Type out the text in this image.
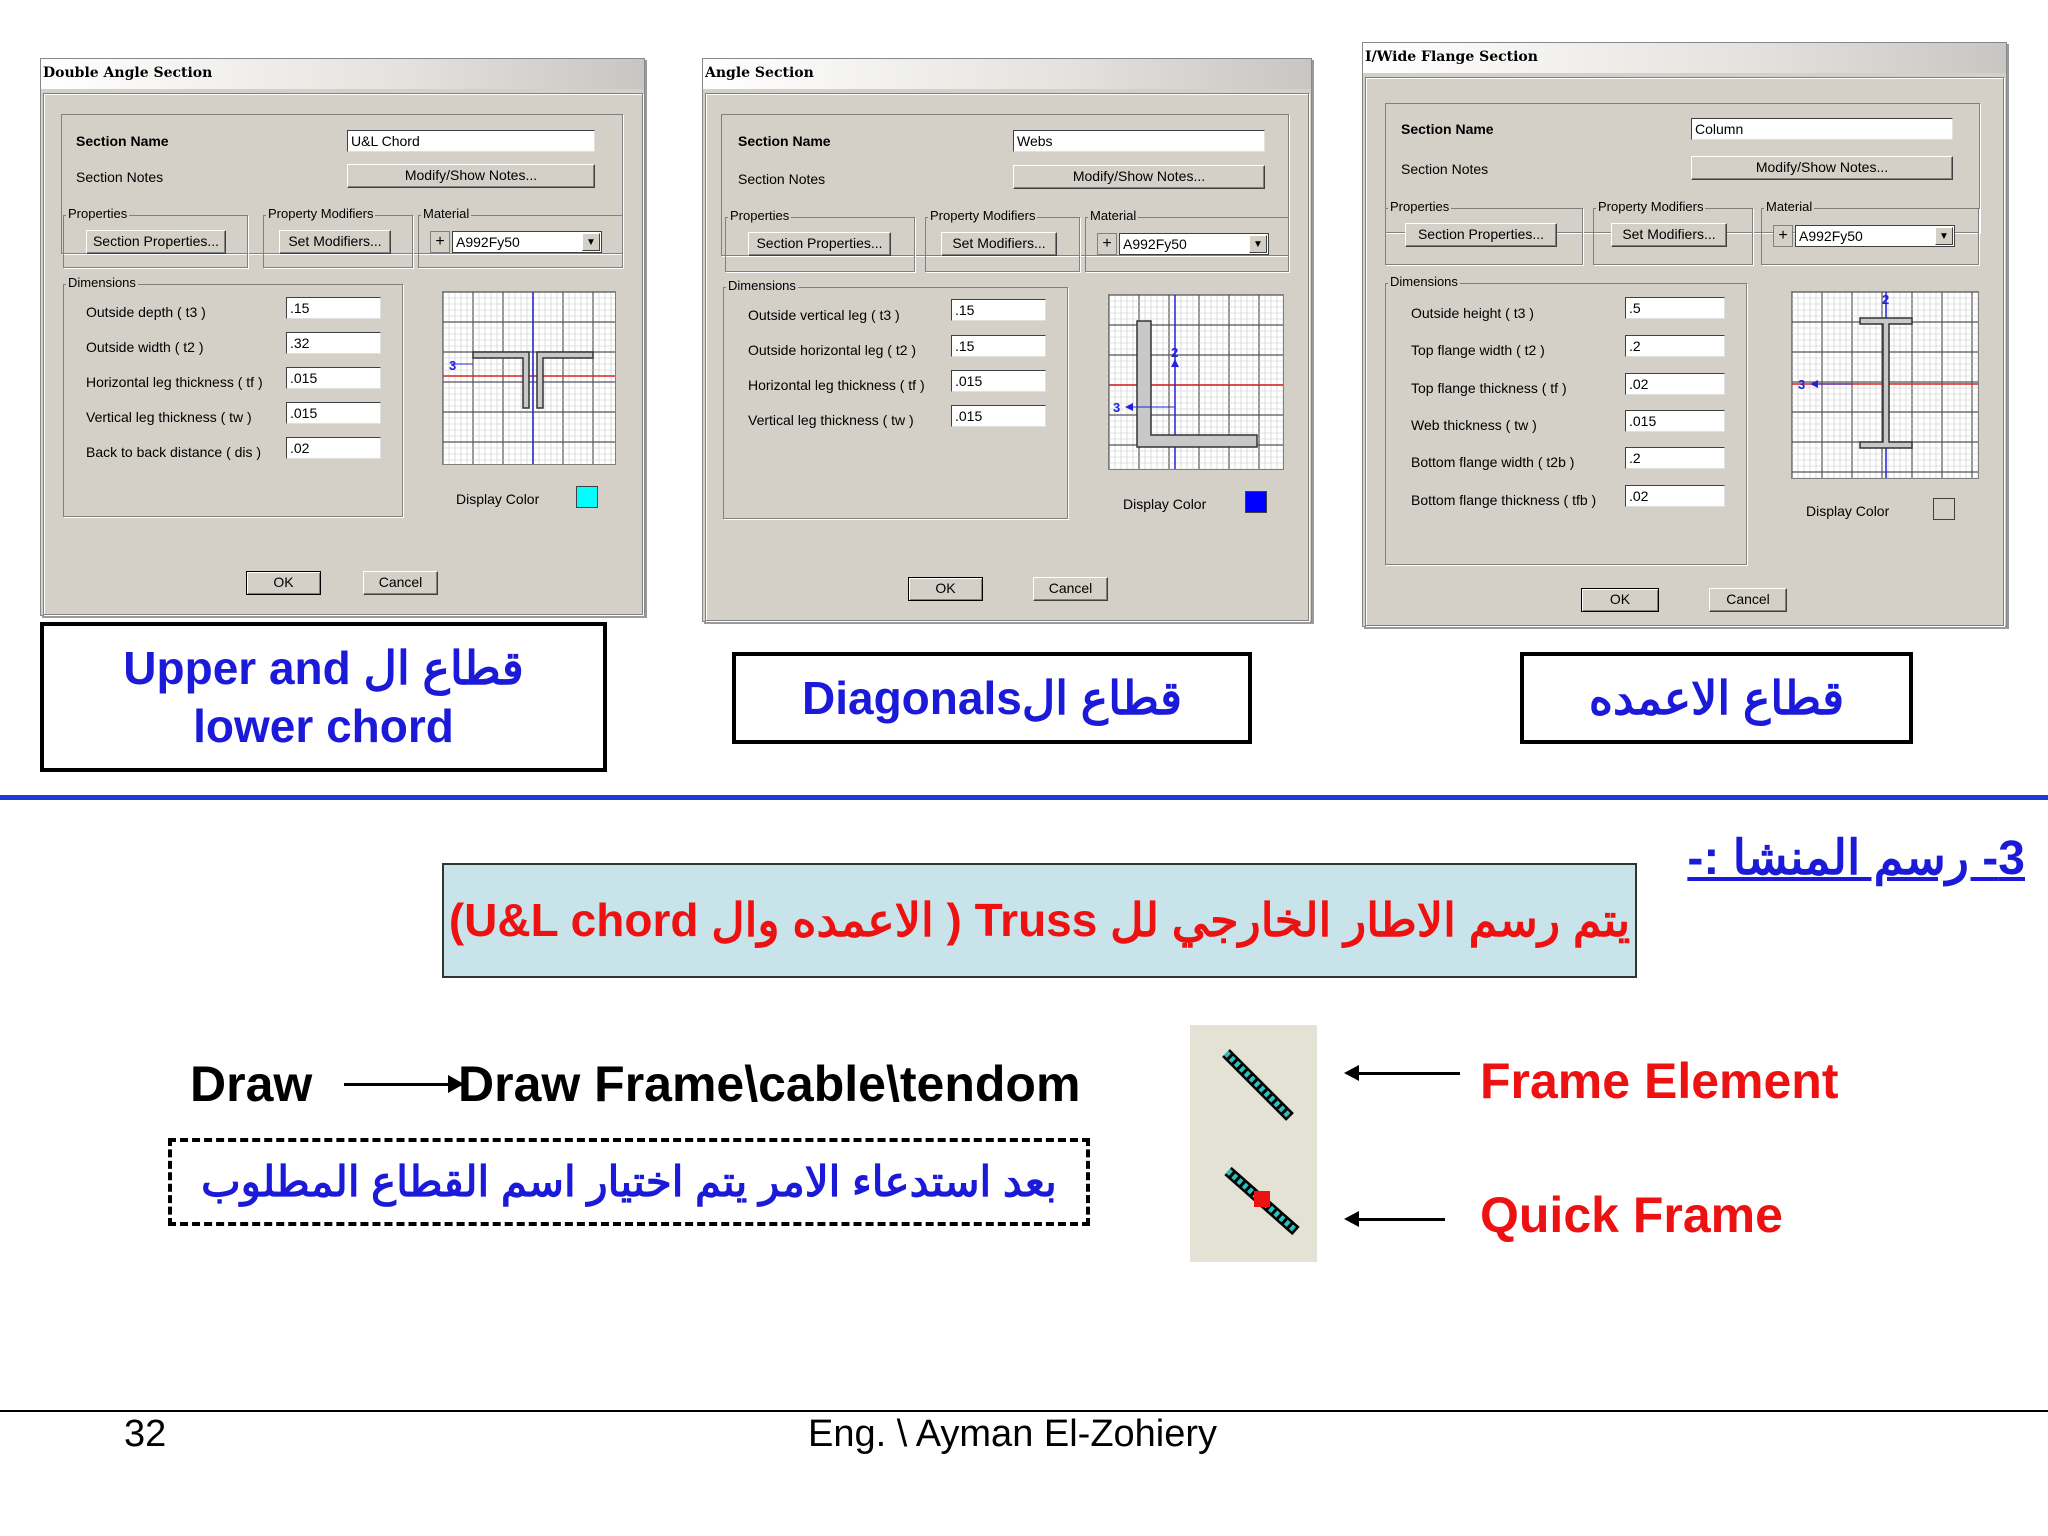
Double Angle Section
Section Name	U&L Chord
Section Notes	Modify/Show Notes...
Properties
Section Properties...
Property Modifiers
Set Modifiers...
Material
+ A992Fy50	▼
Dimensions
Outside depth ( t3 )	.15
Outside width ( t2 )	.32
Horizontal leg thickness ( tf ) .015
Vertical leg thickness ( tw )	.015
Back to back distance ( dis ) .02
3
Display Color
OK	Cancel
Angle Section
Section Name	Webs
Section Notes	Modify/Show Notes...
Properties
Section Properties...
Property Modifiers
Set Modifiers...
Material
+ A992Fy50	▼
Dimensions
Outside vertical leg ( t3 )	.15
Outside horizontal leg ( t2 )	.15
Horizontal leg thickness ( tf ) .015
Vertical leg thickness ( tw )	.015
2
3
Display Color
OK	Cancel
I/Wide Flange Section
Section Name	Column
Section Notes	Modify/Show Notes...
Properties
Section Properties...
Property Modifiers
Set Modifiers...
Material
+ A992Fy50	▼
Dimensions
Outside height ( t3 )	.5
Top flange width ( t2 )	.2
Top flange thickness ( tf )	.02
Web thickness ( tw )	.015
Bottom flange width ( t2b )	.2
Bottom flange thickness ( tfb ) .02
2
3
Display Color
OK	Cancel
Upper and قطاع ال
lower chord
Diagonalsقطاع ال	قطاع الاعمده
3- رسم المنشا :-
يتم رسم الاطار الخارجي لل Truss ( الاعمده وال U&L chord)
Draw	Draw Frame\cable\tendom
بعد استدعاء الامر يتم اختيار اسم القطاع المطلوب
Frame Element
Quick Frame
32	Eng. \ Ayman El-Zohiery
